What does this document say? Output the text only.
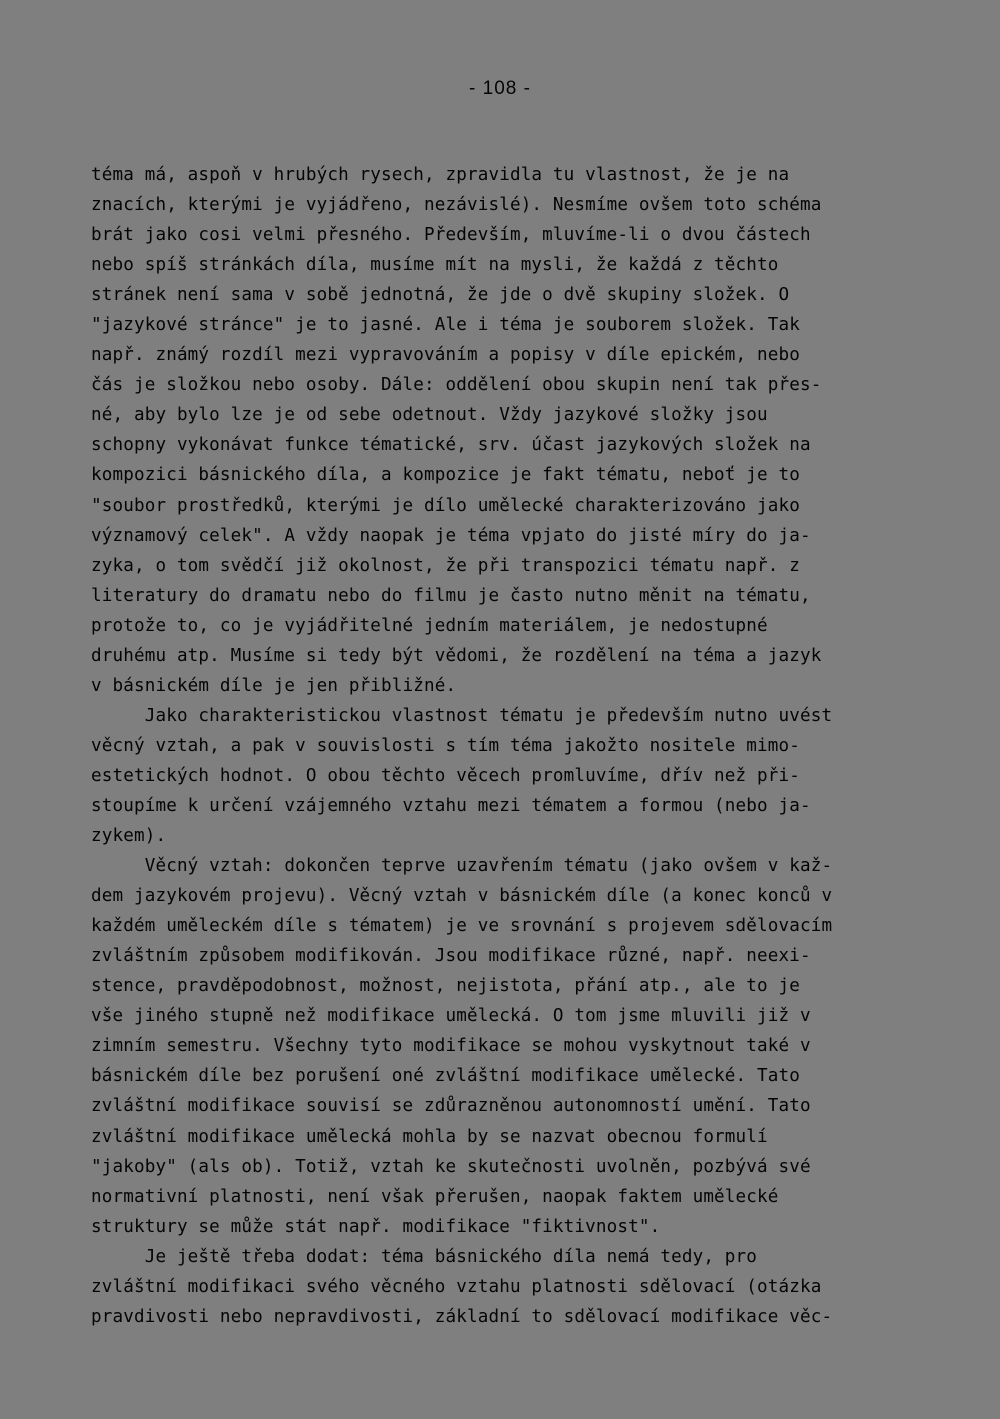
- 108 -
téma má, aspoň v hrubých rysech, zpravidla tu vlastnost, že je na
znacích, kterými je vyjádřeno, nezávislé). Nesmíme ovšem toto schéma
brát jako cosi velmi přesného. Především, mluvíme-li o dvou částech
nebo spíš stránkách díla, musíme mít na mysli, že každá z těchto
stránek není sama v sobě jednotná, že jde o dvě skupiny složek. O
"jazykové stránce" je to jasné. Ale i téma je souborem složek. Tak
např. známý rozdíl mezi vypravováním a popisy v díle epickém, nebo
čás je složkou nebo osoby. Dále: oddělení obou skupin není tak přes-
né, aby bylo lze je od sebe odetnout. Vždy jazykové složky jsou
schopny vykonávat funkce tématické, srv. účast jazykových složek na
kompozici básnického díla, a kompozice je fakt tématu, neboť je to
"soubor prostředků, kterými je dílo umělecké charakterizováno jako
významový celek". A vždy naopak je téma vpjato do jisté míry do ja-
zyka, o tom svědčí již okolnost, že při transpozici tématu např. z
literatury do dramatu nebo do filmu je často nutno měnit na tématu,
protože to, co je vyjádřitelné jedním materiálem, je nedostupné
druhému atp. Musíme si tedy být vědomi, že rozdělení na téma a jazyk
v básnickém díle je jen přibližné.
Jako charakteristickou vlastnost tématu je především nutno uvést
věcný vztah, a pak v souvislosti s tím téma jakožto nositele mimo-
estetických hodnot. O obou těchto věcech promluvíme, dřív než při-
stoupíme k určení vzájemného vztahu mezi tématem a formou (nebo ja-
zykem).
Věcný vztah: dokončen teprve uzavřením tématu (jako ovšem v kaž-
dem jazykovém projevu). Věcný vztah v básnickém díle (a konec konců v
každém uměleckém díle s tématem) je ve srovnání s projevem sdělovacím
zvláštním způsobem modifikován. Jsou modifikace různé, např. neexi-
stence, pravděpodobnost, možnost, nejistota, přání atp., ale to je
vše jiného stupně než modifikace umělecká. O tom jsme mluvili již v
zimním semestru. Všechny tyto modifikace se mohou vyskytnout také v
básnickém díle bez porušení oné zvláštní modifikace umělecké. Tato
zvláštní modifikace souvisí se zdůrazněnou autonomností umění. Tato
zvláštní modifikace umělecká mohla by se nazvat obecnou formulí
"jakoby" (als ob). Totiž, vztah ke skutečnosti uvolněn, pozbývá své
normativní platnosti, není však přerušen, naopak faktem umělecké
struktury se může stát např. modifikace "fiktivnost".
Je ještě třeba dodat: téma básnického díla nemá tedy, pro
zvláštní modifikaci svého věcného vztahu platnosti sdělovací (otázka
pravdivosti nebo nepravdivosti, základní to sdělovací modifikace věc-
